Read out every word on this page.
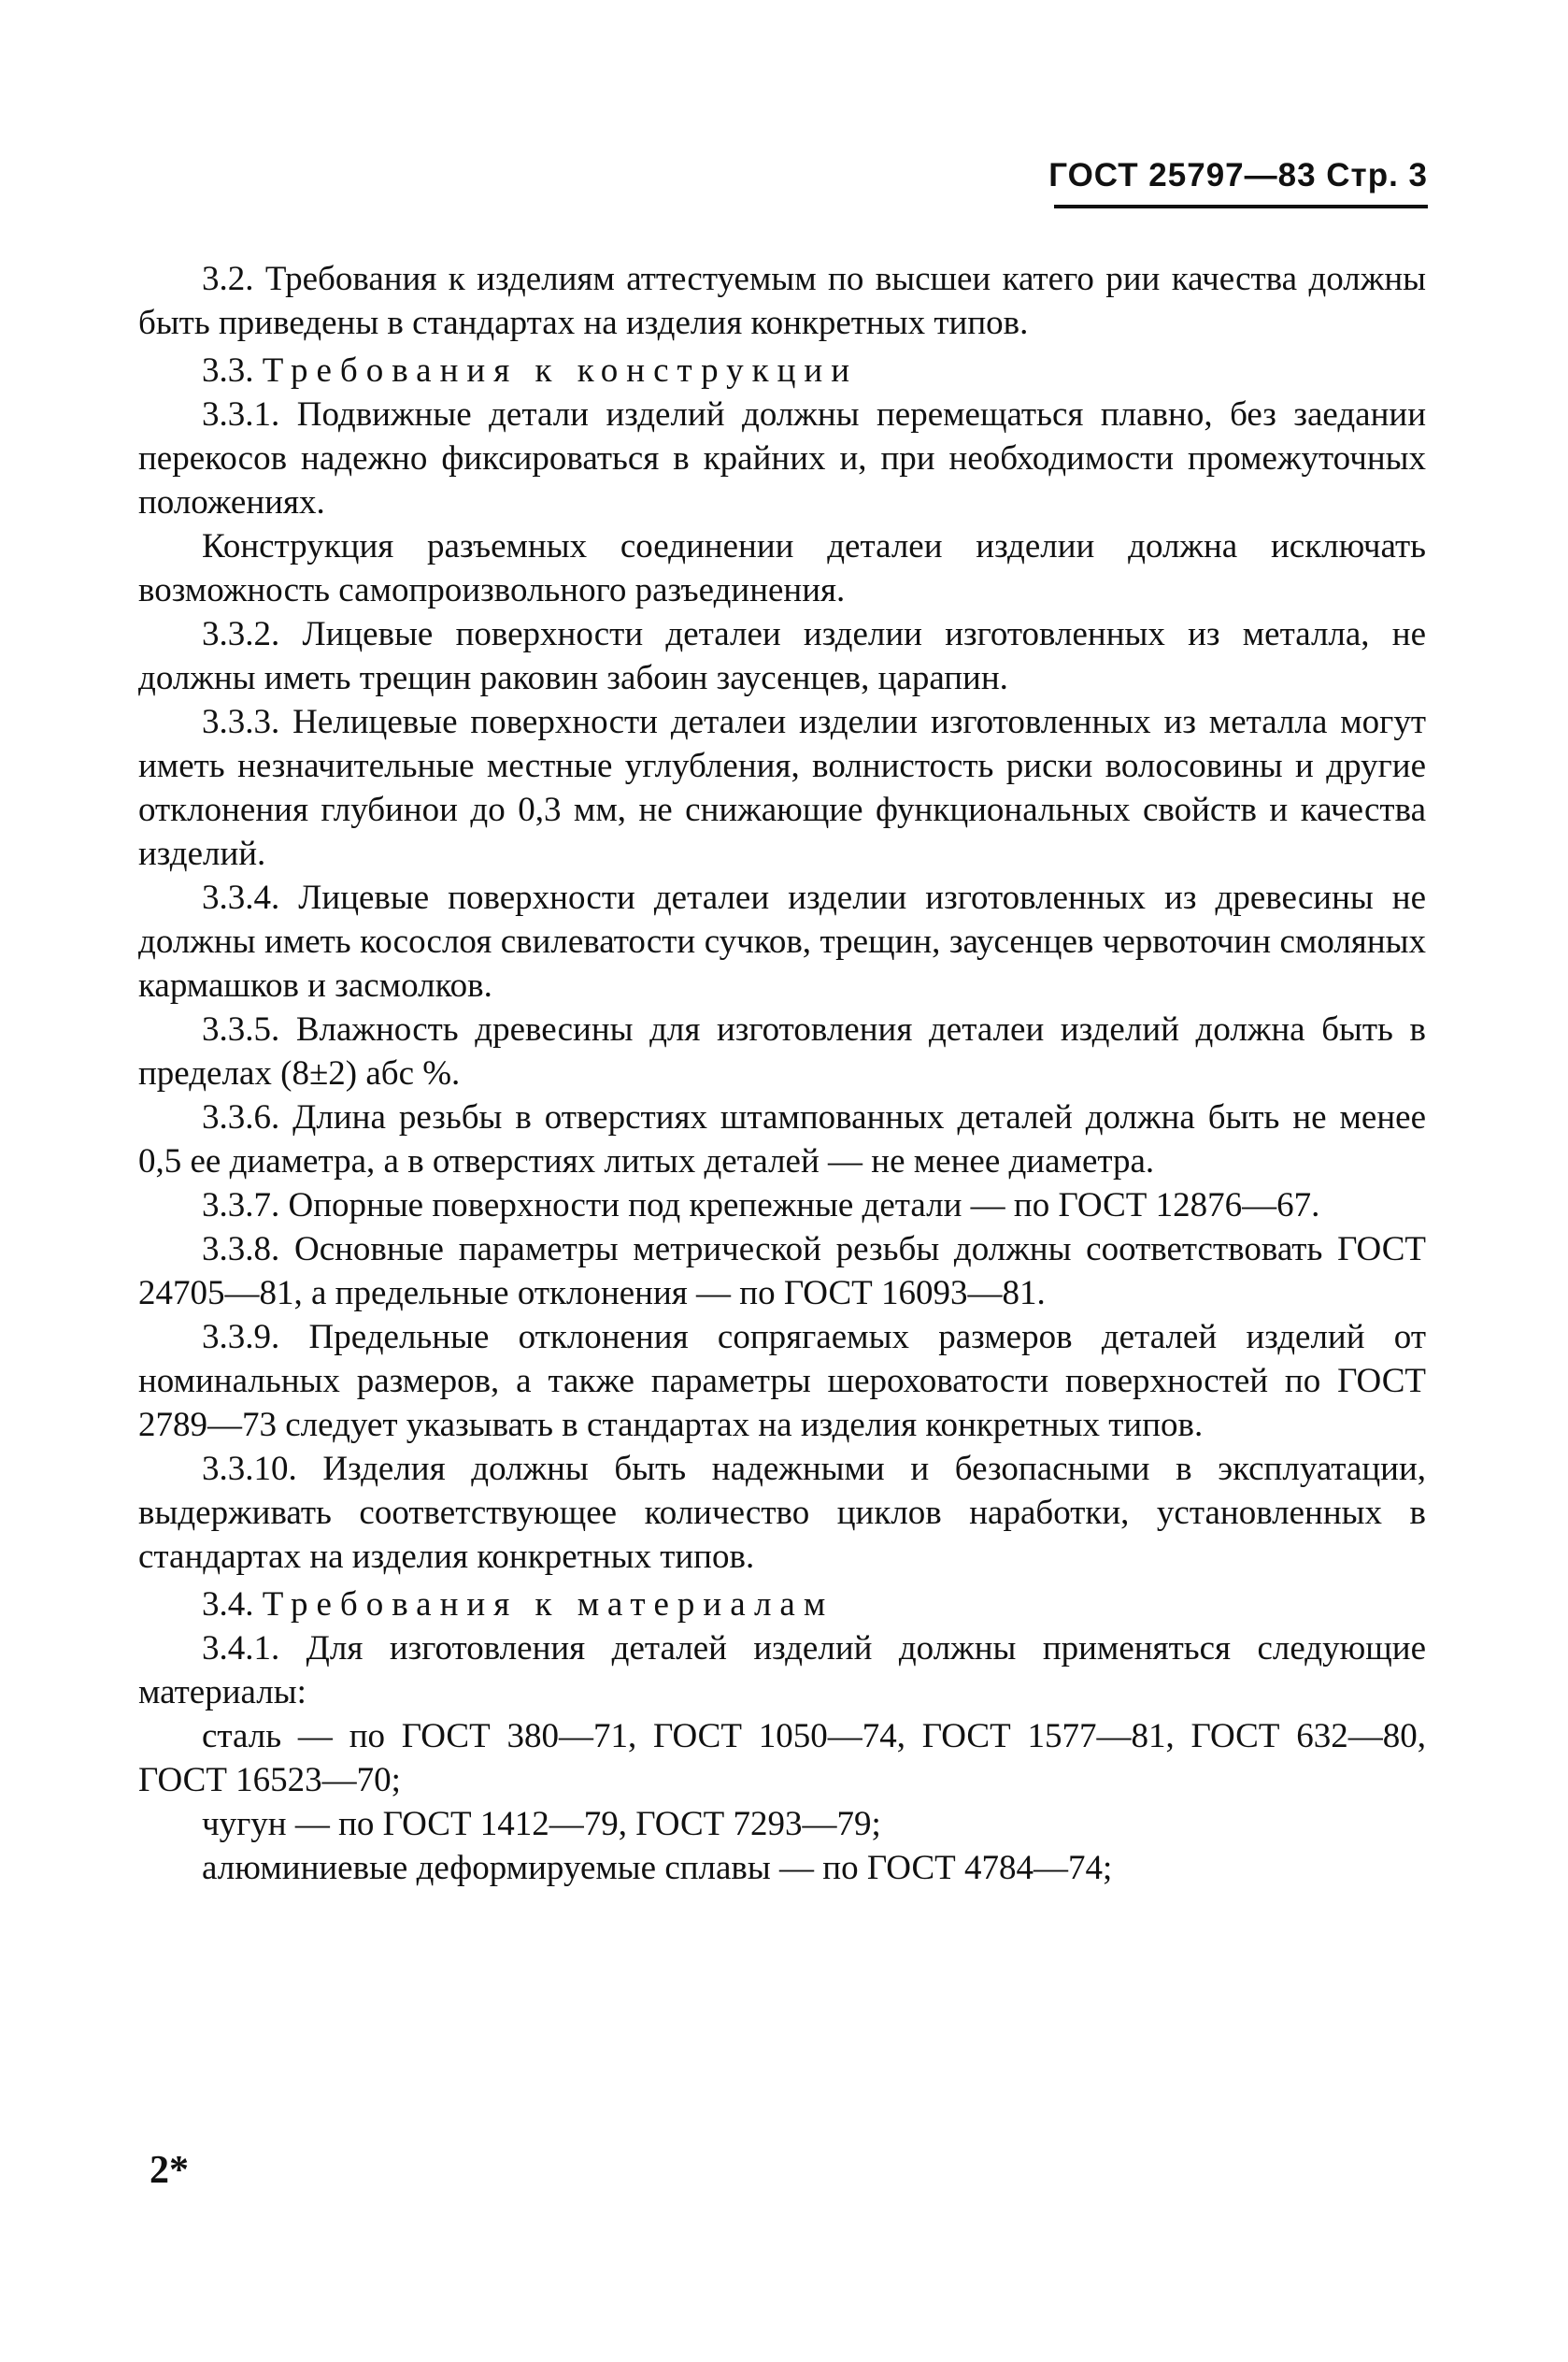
ГОСТ 25797—83 Стр. 3

3.2. Требования к изделиям аттестуемым по высшеи катего рии качества должны быть приведены в стандартах на изделия конкретных типов.

3.3. Требования к конструкции

3.3.1. Подвижные детали изделий должны перемещаться плавно, без заедании перекосов надежно фиксироваться в крайних и, при необходимости промежуточных положениях.

Конструкция разъемных соединении деталеи изделии должна исключать возможность самопроизвольного разъединения.

3.3.2. Лицевые поверхности деталеи изделии изготовленных из металла, не должны иметь трещин раковин забоин заусенцев, царапин.

3.3.3. Нелицевые поверхности деталеи изделии изготовленных из металла могут иметь незначительные местные углубления, волнистость риски волосовины и другие отклонения глубинои до 0,3 мм, не снижающие функциональных свойств и качества изделий.

3.3.4. Лицевые поверхности деталеи изделии изготовленных из древесины не должны иметь косослоя свилеватости сучков, трещин, заусенцев червоточин смоляных кармашков и засмолков.

3.3.5. Влажность древесины для изготовления деталеи изделий должна быть в пределах (8±2) абс %.

3.3.6. Длина резьбы в отверстиях штампованных деталей должна быть не менее 0,5 ее диаметра, а в отверстиях литых деталей — не менее диаметра.

3.3.7. Опорные поверхности под крепежные детали — по ГОСТ 12876—67.

3.3.8. Основные параметры метрической резьбы должны соответствовать ГОСТ 24705—81, а предельные отклонения — по ГОСТ 16093—81.

3.3.9. Предельные отклонения сопрягаемых размеров деталей изделий от номинальных размеров, а также параметры шероховатости поверхностей по ГОСТ 2789—73 следует указывать в стандартах на изделия конкретных типов.

3.3.10. Изделия должны быть надежными и безопасными в эксплуатации, выдерживать соответствующее количество циклов наработки, установленных в стандартах на изделия конкретных типов.

3.4. Требования к материалам

3.4.1. Для изготовления деталей изделий должны применяться следующие материалы:

сталь — по ГОСТ 380—71, ГОСТ 1050—74, ГОСТ 1577—81, ГОСТ 632—80, ГОСТ 16523—70;

чугун — по ГОСТ 1412—79, ГОСТ 7293—79;

алюминиевые деформируемые сплавы — по ГОСТ 4784—74;

2*
